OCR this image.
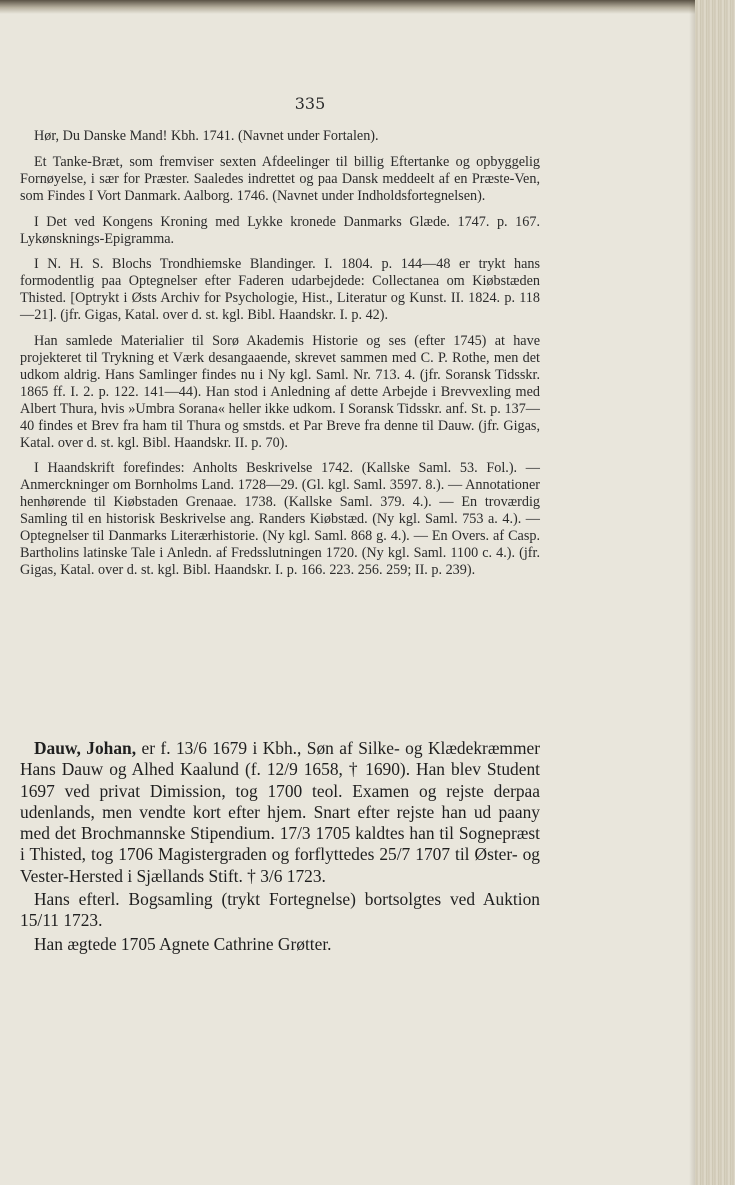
335

Hør, Du Danske Mand! Kbh. 1741. (Navnet under Fortalen).

Et Tanke-Bræt, som fremviser sexten Afdeelinger til billig Eftertanke og opbyggelig Fornøyelse, i sær for Præster. Saaledes indrettet og paa Dansk meddeelt af en Præste-Ven, som Findes I Vort Danmark. Aalborg. 1746. (Navnet under Indholdsfortegnelsen).

I Det ved Kongens Kroning med Lykke kronede Danmarks Glæde. 1747. p. 167. Lykønsknings-Epigramma.

I N. H. S. Blochs Trondhiemske Blandinger. I. 1804. p. 144—48 er trykt hans formodentlig paa Optegnelser efter Faderen udarbejdede: Collectanea om Kiøbstæden Thisted. [Optrykt i Østs Archiv for Psychologie, Hist., Literatur og Kunst. II. 1824. p. 118—21]. (jfr. Gigas, Katal. over d. st. kgl. Bibl. Haandskr. I. p. 42).

Han samlede Materialier til Sorø Akademis Historie og ses (efter 1745) at have projekteret til Trykning et Værk desangaaende, skrevet sammen med C. P. Rothe, men det udkom aldrig. Hans Samlinger findes nu i Ny kgl. Saml. Nr. 713. 4. (jfr. Soransk Tidsskr. 1865 ff. I. 2. p. 122. 141—44). Han stod i Anledning af dette Arbejde i Brevvexling med Albert Thura, hvis »Umbra Sorana« heller ikke udkom. I Soransk Tidsskr. anf. St. p. 137—40 findes et Brev fra ham til Thura og smstds. et Par Breve fra denne til Dauw. (jfr. Gigas, Katal. over d. st. kgl. Bibl. Haandskr. II. p. 70).

I Haandskrift forefindes: Anholts Beskrivelse 1742. (Kallske Saml. 53. Fol.). — Anmerckninger om Bornholms Land. 1728—29. (Gl. kgl. Saml. 3597. 8.). — Annotationer henhørende til Kiøbstaden Grenaae. 1738. (Kallske Saml. 379. 4.). — En troværdig Samling til en historisk Beskrivelse ang. Randers Kiøbstæd. (Ny kgl. Saml. 753 a. 4.). — Optegnelser til Danmarks Literærhistorie. (Ny kgl. Saml. 868 g. 4.). — En Overs. af Casp. Bartholins latinske Tale i Anledn. af Fredsslutningen 1720. (Ny kgl. Saml. 1100 c. 4.). (jfr. Gigas, Katal. over d. st. kgl. Bibl. Haandskr. I. p. 166. 223. 256. 259; II. p. 239).

Dauw, Johan, er f. 13/6 1679 i Kbh., Søn af Silke- og Klædekræmmer Hans Dauw og Alhed Kaalund (f. 12/9 1658, † 1690). Han blev Student 1697 ved privat Dimission, tog 1700 teol. Examen og rejste derpaa udenlands, men vendte kort efter hjem. Snart efter rejste han ud paany med det Brochmannske Stipendium. 17/3 1705 kaldtes han til Sognepræst i Thisted, tog 1706 Magistergraden og forflyttedes 25/7 1707 til Øster- og Vester-Hersted i Sjællands Stift. † 3/6 1723.

Hans efterl. Bogsamling (trykt Fortegnelse) bortsolgtes ved Auktion 15/11 1723.

Han ægtede 1705 Agnete Cathrine Grøtter.
